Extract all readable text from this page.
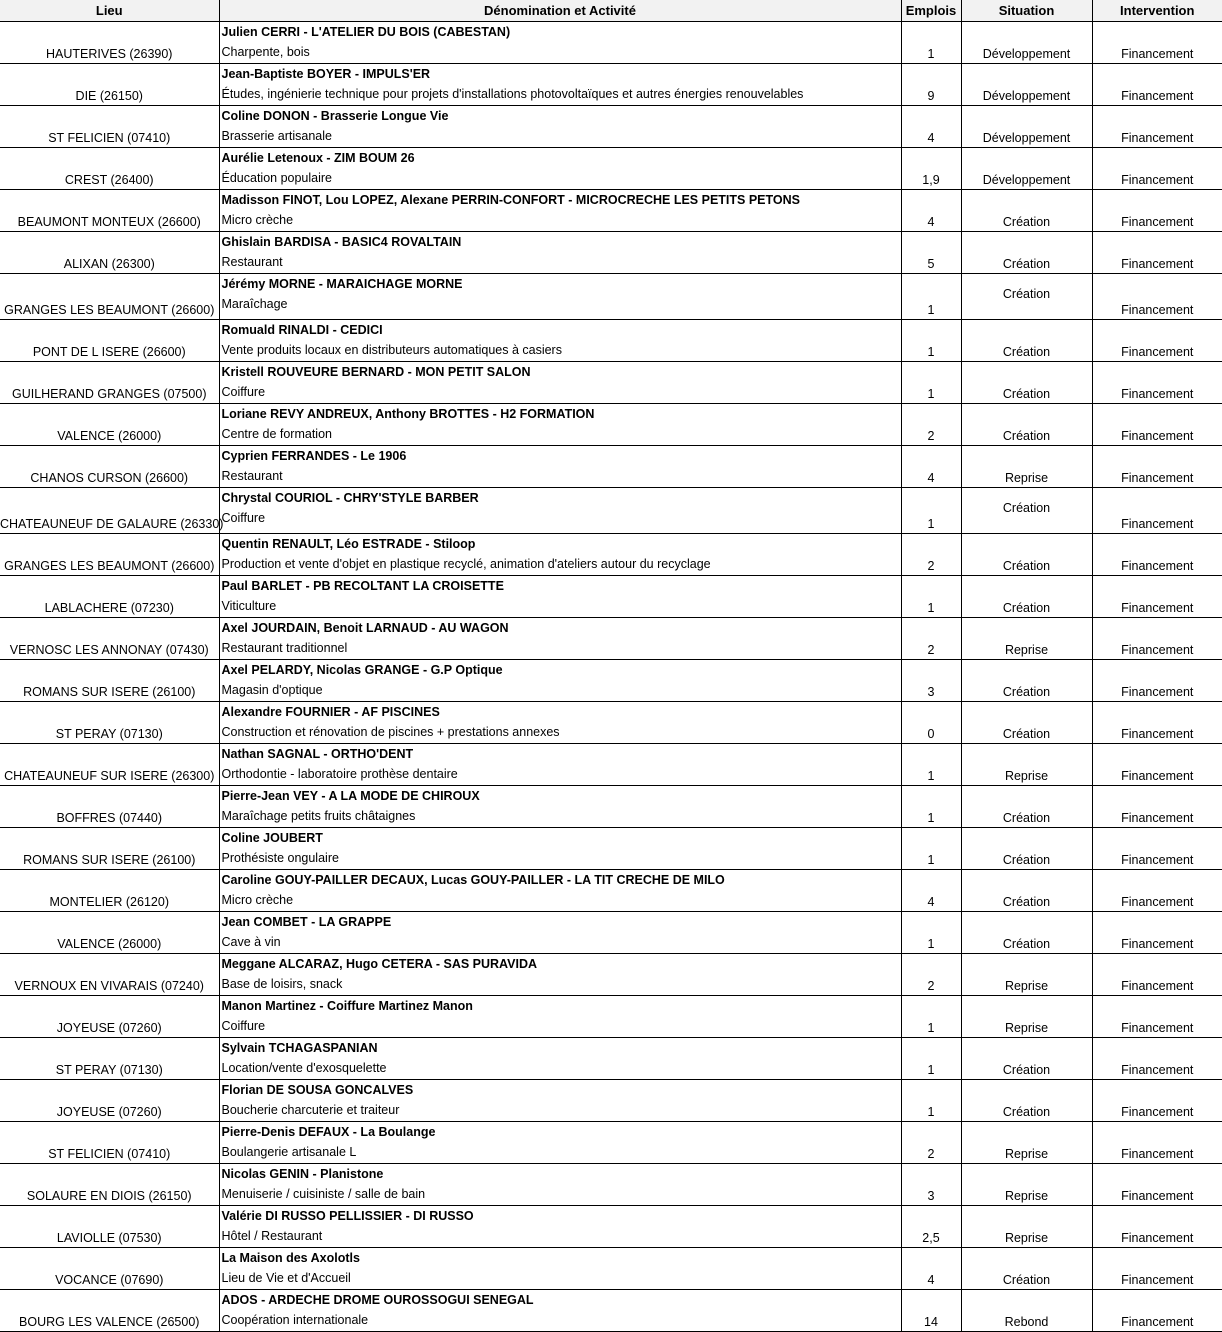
Lieu	Dénomination et Activité	Emplois	Situation	Intervention
HAUTERIVES (26390)	Julien CERRI - L'ATELIER DU BOIS (CABESTAN)
Charpente, bois	1	Développement	Financement
DIE (26150)	Jean-Baptiste BOYER - IMPULS'ER
Études, ingénierie technique pour projets d'installations photovoltaïques et autres énergies renouvelables	9	Développement	Financement
ST FELICIEN (07410)	Coline DONON - Brasserie Longue Vie
Brasserie artisanale	4	Développement	Financement
CREST (26400)	Aurélie Letenoux - ZIM BOUM 26
Éducation populaire	1,9	Développement	Financement
BEAUMONT MONTEUX (26600)	Madisson FINOT, Lou LOPEZ, Alexane PERRIN-CONFORT - MICROCRECHE LES PETITS PETONS
Micro crèche	4	Création	Financement
ALIXAN (26300)	Ghislain BARDISA - BASIC4 ROVALTAIN
Restaurant	5	Création	Financement
GRANGES LES BEAUMONT (26600)	Jérémy MORNE - MARAICHAGE MORNE
Maraîchage	1	Création	Financement
PONT DE L ISERE (26600)	Romuald RINALDI - CEDICI
Vente produits locaux en distributeurs automatiques à casiers	1	Création	Financement
GUILHERAND GRANGES (07500)	Kristell ROUVEURE BERNARD - MON PETIT SALON
Coiffure	1	Création	Financement
VALENCE (26000)	Loriane REVY ANDREUX, Anthony BROTTES - H2 FORMATION
Centre de formation	2	Création	Financement
CHANOS CURSON (26600)	Cyprien FERRANDES - Le 1906
Restaurant	4	Reprise	Financement
CHATEAUNEUF DE GALAURE (26330)	Chrystal COURIOL - CHRY'STYLE BARBER
Coiffure	1	Création	Financement
GRANGES LES BEAUMONT (26600)	Quentin RENAULT, Léo ESTRADE - Stiloop
Production et vente d'objet en plastique recyclé, animation d'ateliers autour du recyclage	2	Création	Financement
LABLACHERE (07230)	Paul BARLET - PB RECOLTANT LA CROISETTE
Viticulture	1	Création	Financement
VERNOSC LES ANNONAY (07430)	Axel JOURDAIN, Benoit LARNAUD - AU WAGON
Restaurant traditionnel	2	Reprise	Financement
ROMANS SUR ISERE (26100)	Axel PELARDY, Nicolas GRANGE - G.P Optique
Magasin d'optique	3	Création	Financement
ST PERAY (07130)	Alexandre FOURNIER - AF PISCINES
Construction et rénovation de piscines + prestations annexes	0	Création	Financement
CHATEAUNEUF SUR ISERE (26300)	Nathan SAGNAL - ORTHO'DENT
Orthodontie - laboratoire prothèse dentaire	1	Reprise	Financement
BOFFRES (07440)	Pierre-Jean VEY - A LA MODE DE CHIROUX
Maraîchage petits fruits châtaignes	1	Création	Financement
ROMANS SUR ISERE (26100)	Coline JOUBERT
Prothésiste ongulaire	1	Création	Financement
MONTELIER (26120)	Caroline GOUY-PAILLER DECAUX, Lucas GOUY-PAILLER - LA TIT CRECHE DE MILO
Micro crèche	4	Création	Financement
VALENCE (26000)	Jean COMBET - LA GRAPPE
Cave à vin	1	Création	Financement
VERNOUX EN VIVARAIS (07240)	Meggane ALCARAZ, Hugo CETERA - SAS PURAVIDA
Base de loisirs, snack	2	Reprise	Financement
JOYEUSE (07260)	Manon Martinez - Coiffure Martinez Manon
Coiffure	1	Reprise	Financement
ST PERAY (07130)	Sylvain TCHAGASPANIAN
Location/vente d'exosquelette	1	Création	Financement
JOYEUSE (07260)	Florian DE SOUSA GONCALVES
Boucherie charcuterie et traiteur	1	Création	Financement
ST FELICIEN (07410)	Pierre-Denis DEFAUX - La Boulange
Boulangerie artisanale L	2	Reprise	Financement
SOLAURE EN DIOIS (26150)	Nicolas GENIN - Planistone
Menuiserie / cuisiniste / salle de bain	3	Reprise	Financement
LAVIOLLE (07530)	Valérie DI RUSSO PELLISSIER - DI RUSSO
Hôtel / Restaurant	2,5	Reprise	Financement
VOCANCE (07690)	La Maison des Axolotls
Lieu de Vie et d'Accueil	4	Création	Financement
BOURG LES VALENCE (26500)	ADOS - ARDECHE DROME OUROSSOGUI SENEGAL
Coopération internationale	14	Rebond	Financement
